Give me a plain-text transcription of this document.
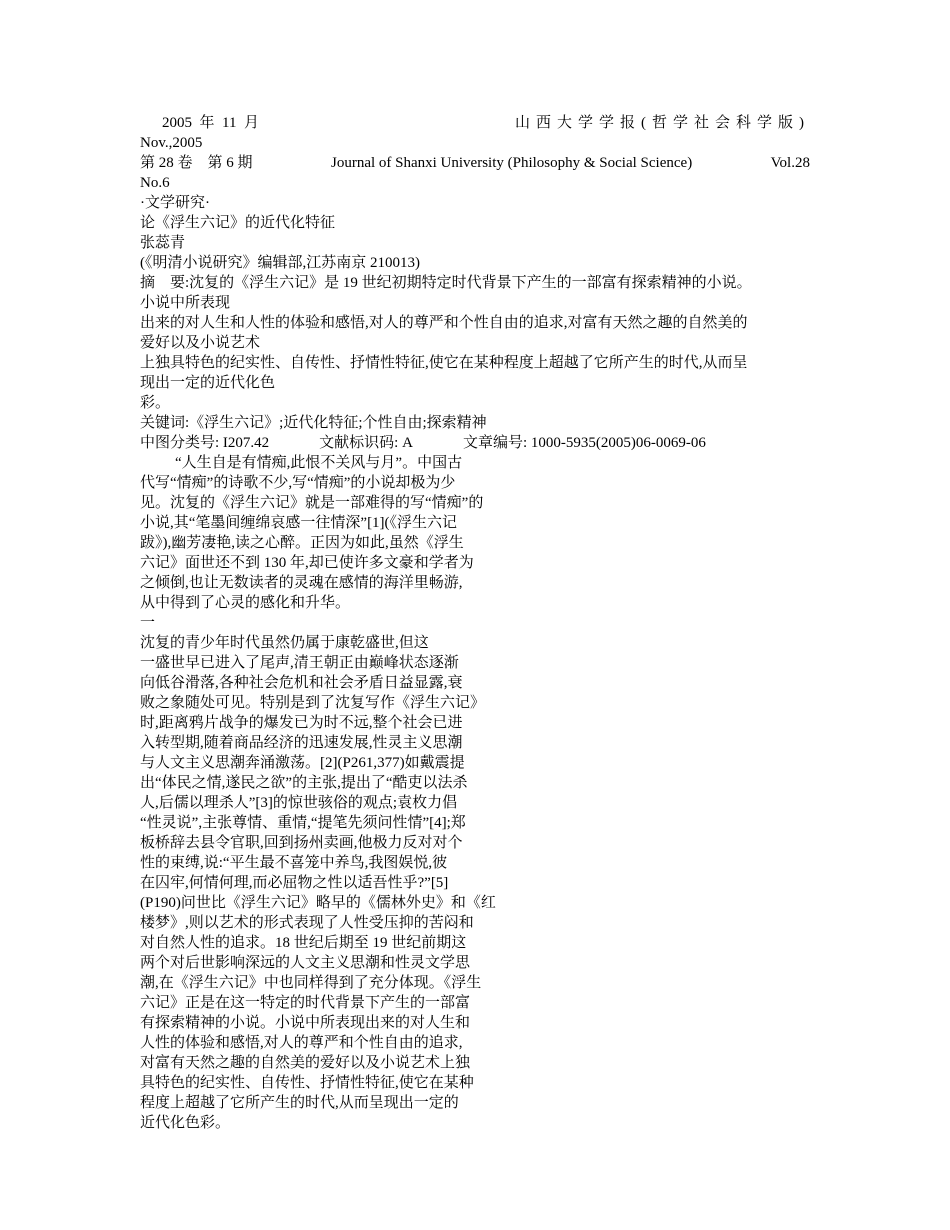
2005  年  11  月	山西大学学报(哲学社会科学版)
Nov.,2005
第 28 卷    第 6 期	Journal of Shanxi University (Philosophy & Social Science)	Vol.28
No.6
·文学研究·
论《浮生六记》的近代化特征
张蕊青
(《明清小说研究》编辑部,江苏南京 210013)
摘    要:沈复的《浮生六记》是 19 世纪初期特定时代背景下产生的一部富有探索精神的小说。
小说中所表现
出来的对人生和人性的体验和感悟,对人的尊严和个性自由的追求,对富有天然之趣的自然美的
爱好以及小说艺术
上独具特色的纪实性、自传性、抒情性特征,使它在某种程度上超越了它所产生的时代,从而呈
现出一定的近代化色
彩。
关键词:《浮生六记》;近代化特征;个性自由;探索精神
中图分类号: I207.42	文献标识码: A	文章编号: 1000-5935(2005)06-0069-06
“人生自是有情痴,此恨不关风与月”。中国古
代写“情痴”的诗歌不少,写“情痴”的小说却极为少
见。沈复的《浮生六记》就是一部难得的写“情痴”的
小说,其“笔墨间缠绵哀感一往情深”[1](《浮生六记
跋》),幽芳凄艳,读之心醉。正因为如此,虽然《浮生
六记》面世还不到 130 年,却已使许多文豪和学者为
之倾倒,也让无数读者的灵魂在感情的海洋里畅游,
从中得到了心灵的感化和升华。
一
沈复的青少年时代虽然仍属于康乾盛世,但这
一盛世早已进入了尾声,清王朝正由巅峰状态逐渐
向低谷滑落,各种社会危机和社会矛盾日益显露,衰
败之象随处可见。特别是到了沈复写作《浮生六记》
时,距离鸦片战争的爆发已为时不远,整个社会已进
入转型期,随着商品经济的迅速发展,性灵主义思潮
与人文主义思潮奔涌激荡。[2](P261,377)如戴震提
出“体民之情,遂民之欲”的主张,提出了“酷吏以法杀
人,后儒以理杀人”[3]的惊世骇俗的观点;袁枚力倡
“性灵说”,主张尊情、重情,“提笔先须问性情”[4];郑
板桥辞去县令官职,回到扬州卖画,他极力反对对个
性的束缚,说:“平生最不喜笼中养鸟,我图娱悦,彼
在囚牢,何情何理,而必屈物之性以适吾性乎?”[5]
(P190)问世比《浮生六记》略早的《儒林外史》和《红
楼梦》,则以艺术的形式表现了人性受压抑的苦闷和
对自然人性的追求。18 世纪后期至 19 世纪前期这
两个对后世影响深远的人文主义思潮和性灵文学思
潮,在《浮生六记》中也同样得到了充分体现。《浮生
六记》正是在这一特定的时代背景下产生的一部富
有探索精神的小说。小说中所表现出来的对人生和
人性的体验和感悟,对人的尊严和个性自由的追求,
对富有天然之趣的自然美的爱好以及小说艺术上独
具特色的纪实性、自传性、抒情性特征,使它在某种
程度上超越了它所产生的时代,从而呈现出一定的
近代化色彩。
